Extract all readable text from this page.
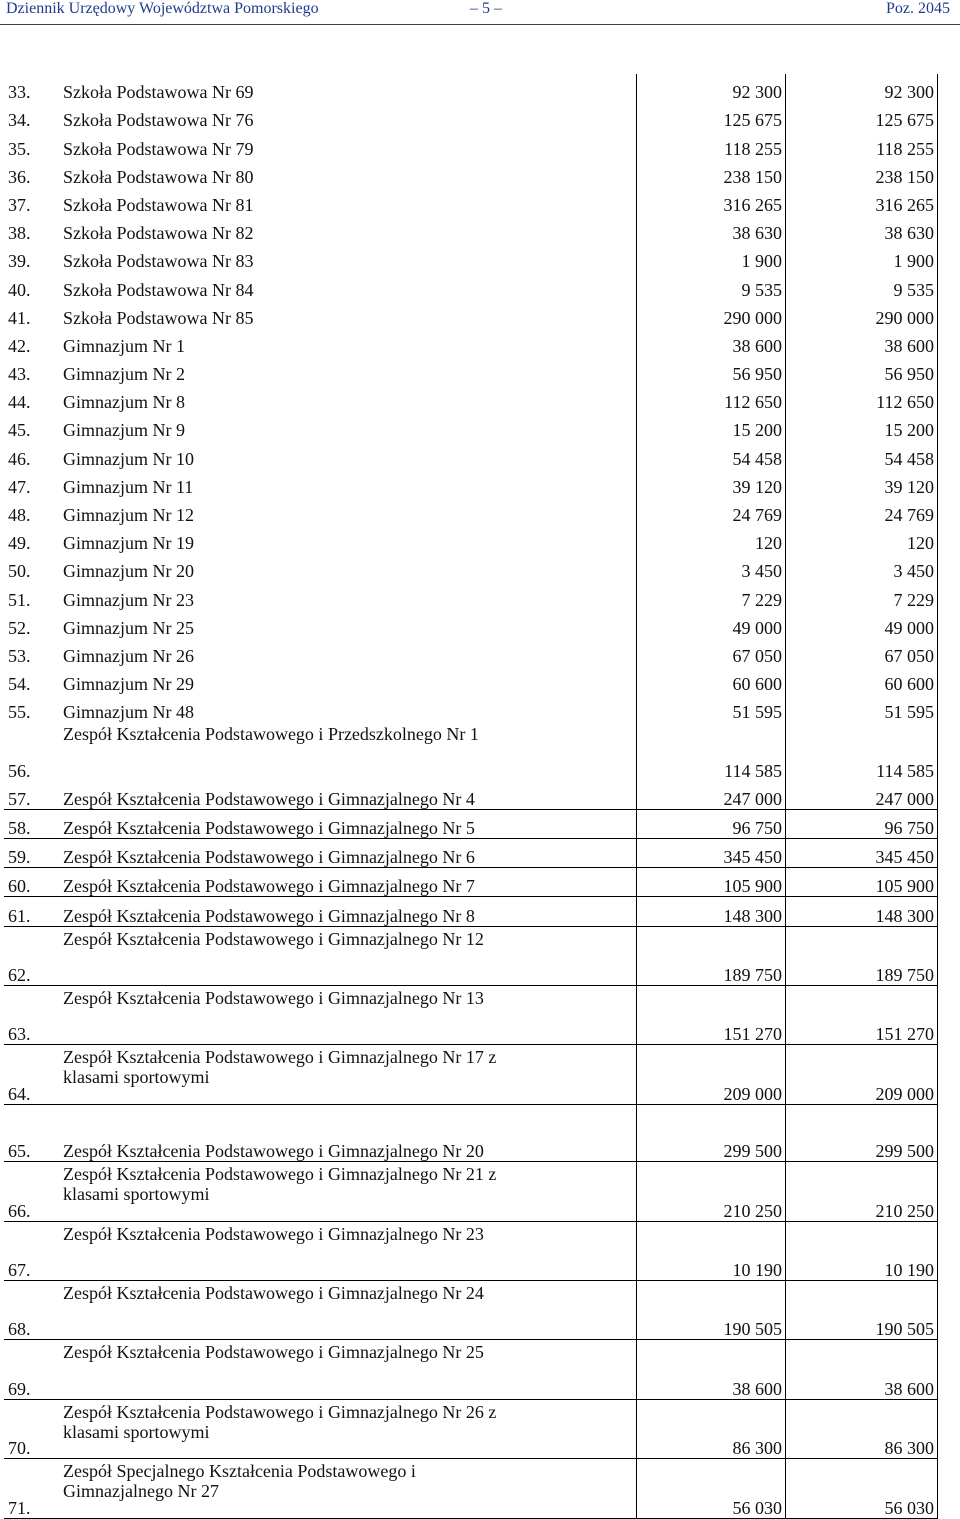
Dziennik Urzędowy Województwa Pomorskiego	– 5 –	Poz. 2045
33.	Szkoła Podstawowa Nr 69	92 300	92 300
34.	Szkoła Podstawowa Nr 76	125 675	125 675
35.	Szkoła Podstawowa Nr 79	118 255	118 255
36.	Szkoła Podstawowa Nr 80	238 150	238 150
37.	Szkoła Podstawowa Nr 81	316 265	316 265
38.	Szkoła Podstawowa Nr 82	38 630	38 630
39.	Szkoła Podstawowa Nr 83	1 900	1 900
40.	Szkoła Podstawowa Nr 84	9 535	9 535
41.	Szkoła Podstawowa Nr 85	290 000	290 000
42.	Gimnazjum Nr 1	38 600	38 600
43.	Gimnazjum Nr 2	56 950	56 950
44.	Gimnazjum Nr 8	112 650	112 650
45.	Gimnazjum Nr 9	15 200	15 200
46.	Gimnazjum Nr 10	54 458	54 458
47.	Gimnazjum Nr 11	39 120	39 120
48.	Gimnazjum Nr 12	24 769	24 769
49.	Gimnazjum Nr 19	120	120
50.	Gimnazjum Nr 20	3 450	3 450
51.	Gimnazjum Nr 23	7 229	7 229
52.	Gimnazjum Nr 25	49 000	49 000
53.	Gimnazjum Nr 26	67 050	67 050
54.	Gimnazjum Nr 29	60 600	60 600
55.	Gimnazjum Nr 48	51 595	51 595
56.	Zespół Kształcenia Podstawowego i Przedszkolnego Nr 1	114 585	114 585
57.	Zespół Kształcenia Podstawowego i Gimnazjalnego Nr 4	247 000	247 000
58.	Zespół Kształcenia Podstawowego i Gimnazjalnego Nr 5	96 750	96 750
59.	Zespół Kształcenia Podstawowego i Gimnazjalnego Nr 6	345 450	345 450
60.	Zespół Kształcenia Podstawowego i Gimnazjalnego Nr 7	105 900	105 900
61.	Zespół Kształcenia Podstawowego i Gimnazjalnego Nr 8	148 300	148 300
62.	Zespół Kształcenia Podstawowego i Gimnazjalnego Nr 12	189 750	189 750
63.	Zespół Kształcenia Podstawowego i Gimnazjalnego Nr 13	151 270	151 270
64.	Zespół Kształcenia Podstawowego i Gimnazjalnego Nr 17 z
klasami sportowymi	209 000	209 000
65.	Zespół Kształcenia Podstawowego i Gimnazjalnego Nr 20	299 500	299 500
66.	Zespół Kształcenia Podstawowego i Gimnazjalnego Nr 21 z
klasami sportowymi	210 250	210 250
67.	Zespół Kształcenia Podstawowego i Gimnazjalnego Nr 23	10 190	10 190
68.	Zespół Kształcenia Podstawowego i Gimnazjalnego Nr 24	190 505	190 505
69.	Zespół Kształcenia Podstawowego i Gimnazjalnego Nr 25	38 600	38 600
70.	Zespół Kształcenia Podstawowego i Gimnazjalnego Nr 26 z
klasami sportowymi	86 300	86 300
71.	Zespół Specjalnego Kształcenia Podstawowego i
Gimnazjalnego Nr 27	56 030	56 030
